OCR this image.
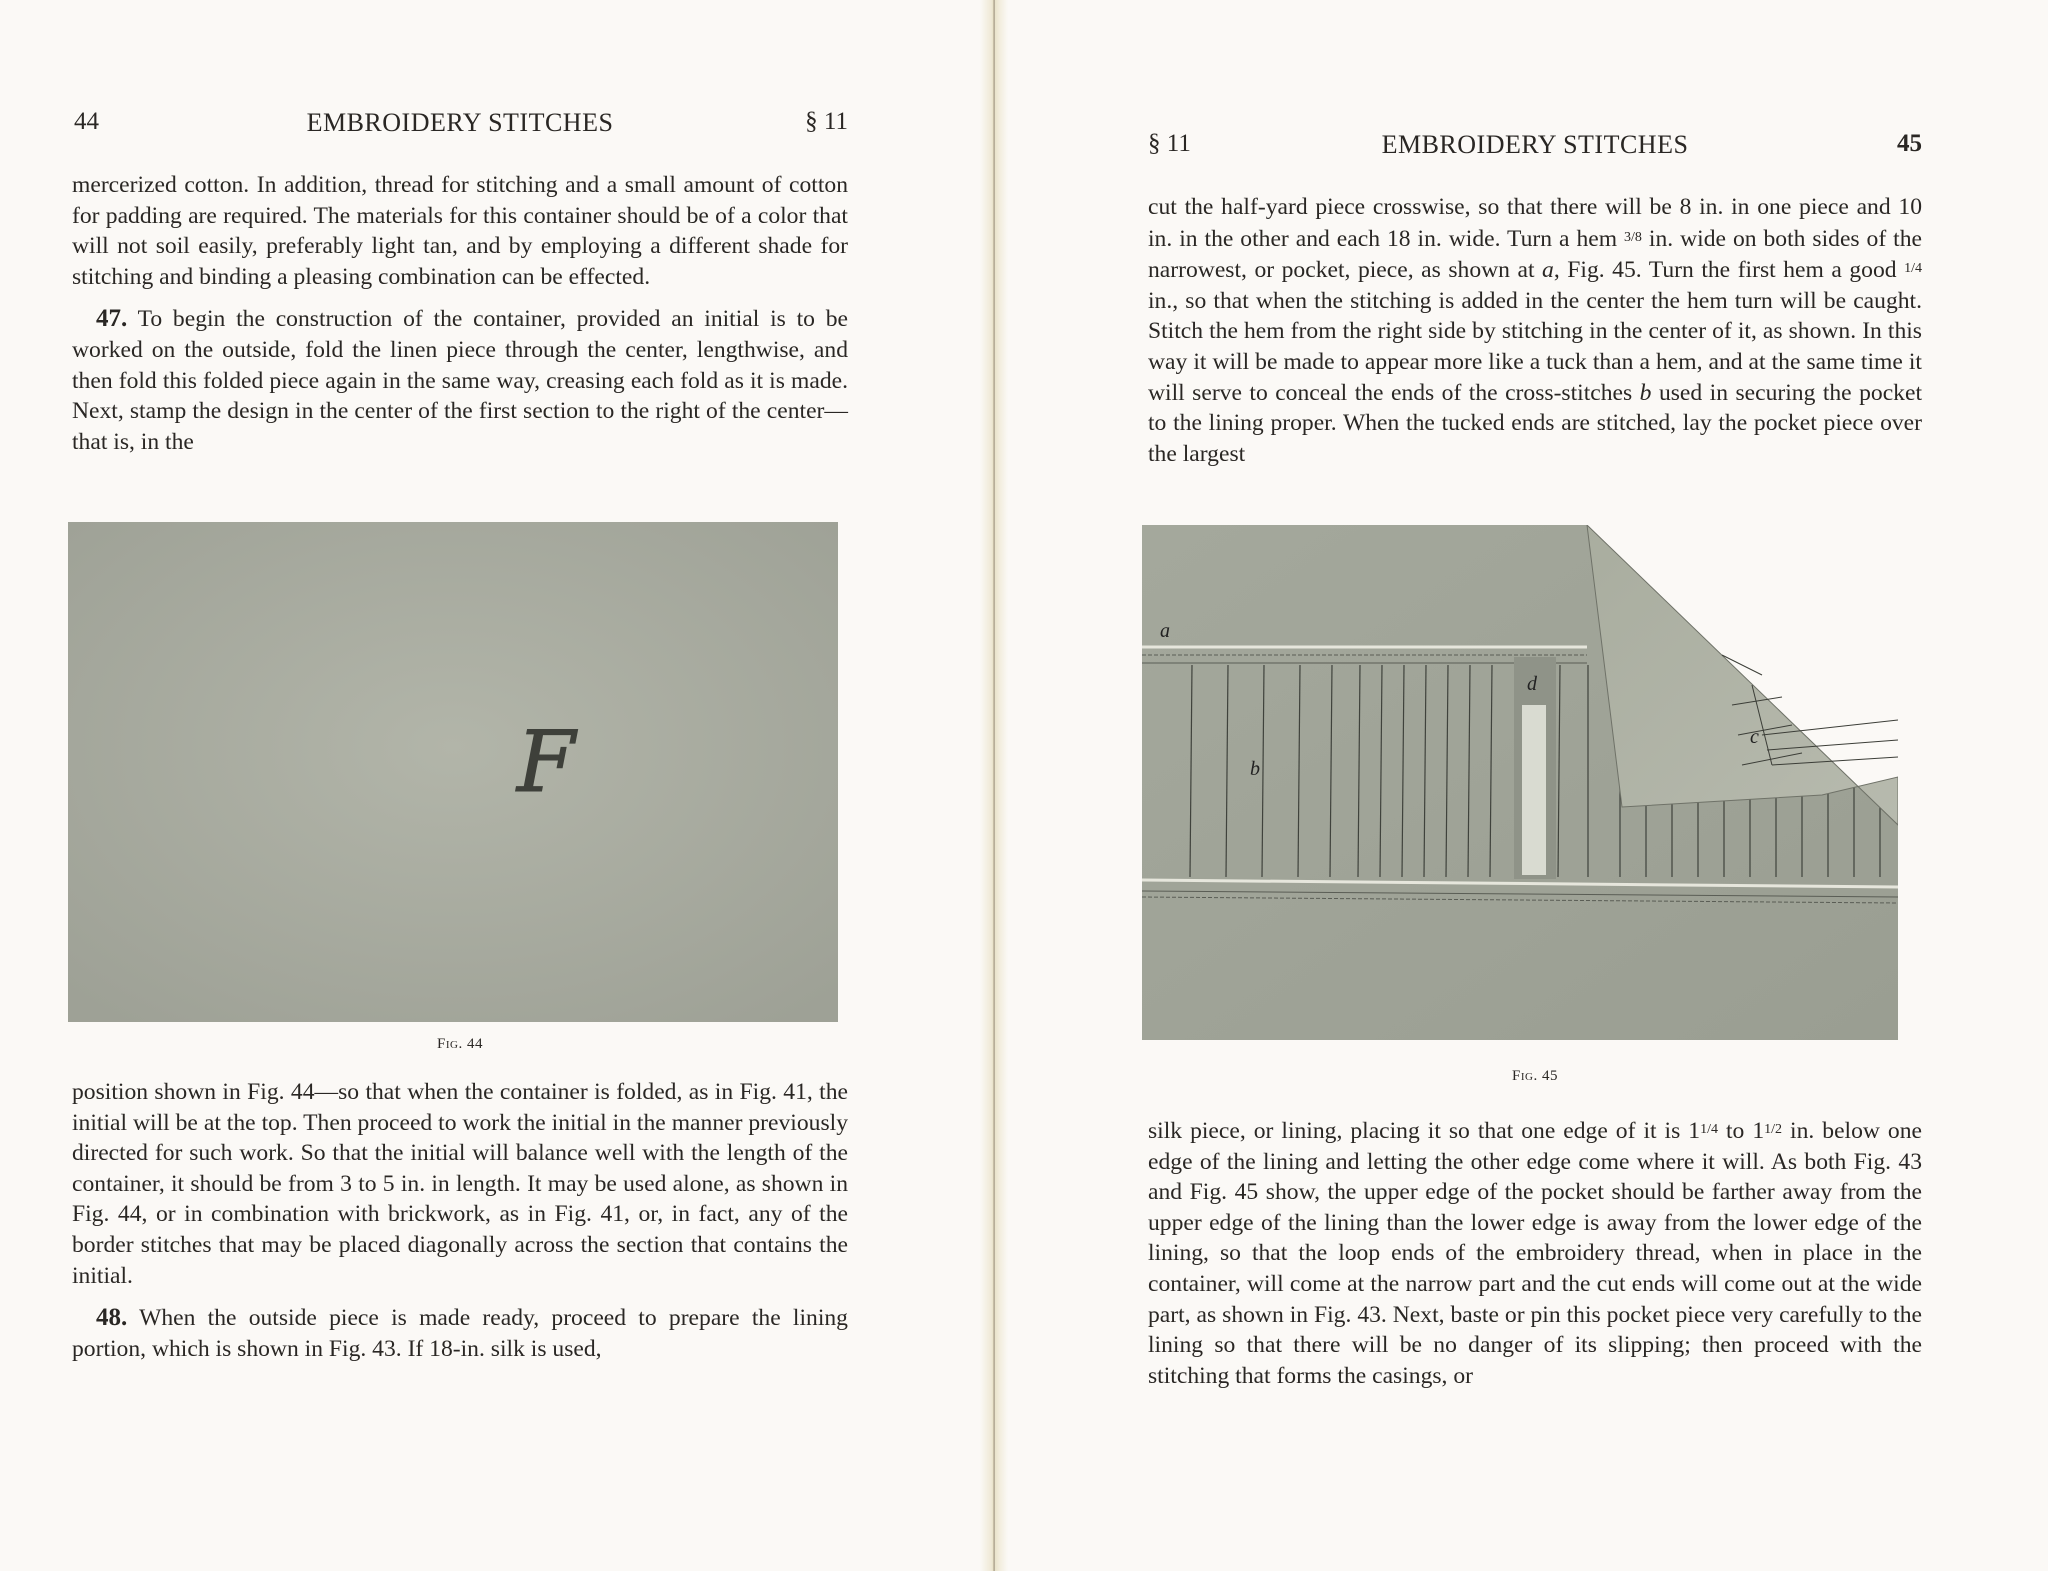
44	EMBROIDERY STITCHES	§ 11

mercerized cotton. In addition, thread for stitching and a small amount of cotton for padding are required. The materials for this container should be of a color that will not soil easily, preferably light tan, and by employing a different shade for stitching and binding a pleasing combination can be effected.

47. To begin the construction of the container, provided an initial is to be worked on the outside, fold the linen piece through the center, lengthwise, and then fold this folded piece again in the same way, creasing each fold as it is made. Next, stamp the design in the center of the first section to the right of the center—that is, in the

F
Fig. 44

position shown in Fig. 44—so that when the container is folded, as in Fig. 41, the initial will be at the top. Then proceed to work the initial in the manner previously directed for such work. So that the initial will balance well with the length of the container, it should be from 3 to 5 in. in length. It may be used alone, as shown in Fig. 44, or in combination with brickwork, as in Fig. 41, or, in fact, any of the border stitches that may be placed diagonally across the section that contains the initial.

48. When the outside piece is made ready, proceed to prepare the lining portion, which is shown in Fig. 43. If 18-in. silk is used,

§ 11	EMBROIDERY STITCHES	45

cut the half-yard piece crosswise, so that there will be 8 in. in one piece and 10 in. in the other and each 18 in. wide. Turn a hem $^{3/8}$ in. wide on both sides of the narrowest, or pocket, piece, as shown at a, Fig. 45. Turn the first hem a good $^{1/4}$ in., so that when the stitching is added in the center the hem turn will be caught. Stitch the hem from the right side by stitching in the center of it, as shown. In this way it will be made to appear more like a tuck than a hem, and at the same time it will serve to conceal the ends of the cross-stitches b used in securing the pocket to the lining proper. When the tucked ends are stitched, lay the pocket piece over the largest

a
b
c
d
Fig. 45

silk piece, or lining, placing it so that one edge of it is $1^{1/4}$ to $1^{1/2}$ in. below one edge of the lining and letting the other edge come where it will. As both Fig. 43 and Fig. 45 show, the upper edge of the pocket should be farther away from the upper edge of the lining than the lower edge is away from the lower edge of the lining, so that the loop ends of the embroidery thread, when in place in the container, will come at the narrow part and the cut ends will come out at the wide part, as shown in Fig. 43. Next, baste or pin this pocket piece very carefully to the lining so that there will be no danger of its slipping; then proceed with the stitching that forms the casings, or
